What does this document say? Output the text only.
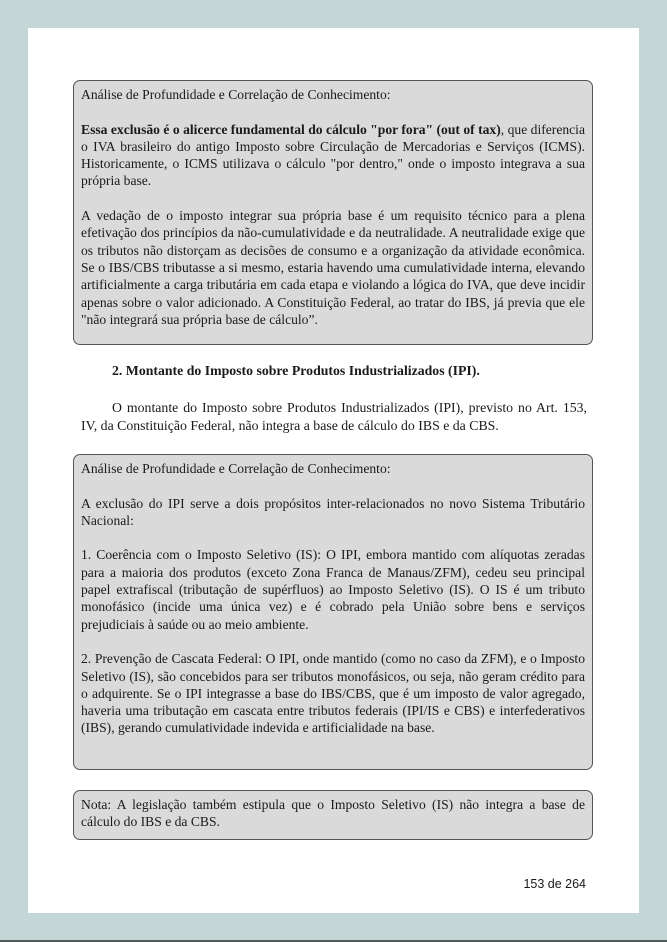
Análise de Profundidade e Correlação de Conhecimento:

Essa exclusão é o alicerce fundamental do cálculo "por fora" (out of tax), que diferencia o IVA brasileiro do antigo Imposto sobre Circulação de Mercadorias e Serviços (ICMS). Historicamente, o ICMS utilizava o cálculo "por dentro," onde o imposto integrava a sua própria base.

A vedação de o imposto integrar sua própria base é um requisito técnico para a plena efetivação dos princípios da não-cumulatividade e da neutralidade. A neutralidade exige que os tributos não distorçam as decisões de consumo e a organização da atividade econômica. Se o IBS/CBS tributasse a si mesmo, estaria havendo uma cumulatividade interna, elevando artificialmente a carga tributária em cada etapa e violando a lógica do IVA, que deve incidir apenas sobre o valor adicionado. A Constituição Federal, ao tratar do IBS, já previa que ele "não integrará sua própria base de cálculo”.

2. Montante do Imposto sobre Produtos Industrializados (IPI).

O montante do Imposto sobre Produtos Industrializados (IPI), previsto no Art. 153, IV, da Constituição Federal, não integra a base de cálculo do IBS e da CBS.

Análise de Profundidade e Correlação de Conhecimento:

A exclusão do IPI serve a dois propósitos inter-relacionados no novo Sistema Tributário Nacional:

1. Coerência com o Imposto Seletivo (IS): O IPI, embora mantido com alíquotas zeradas para a maioria dos produtos (exceto Zona Franca de Manaus/ZFM), cedeu seu principal papel extrafiscal (tributação de supérfluos) ao Imposto Seletivo (IS). O IS é um tributo monofásico (incide uma única vez) e é cobrado pela União sobre bens e serviços prejudiciais à saúde ou ao meio ambiente.

2. Prevenção de Cascata Federal: O IPI, onde mantido (como no caso da ZFM), e o Imposto Seletivo (IS), são concebidos para ser tributos monofásicos, ou seja, não geram crédito para o adquirente. Se o IPI integrasse a base do IBS/CBS, que é um imposto de valor agregado, haveria uma tributação em cascata entre tributos federais (IPI/IS e CBS) e interfederativos (IBS), gerando cumulatividade indevida e artificialidade na base.

Nota: A legislação também estipula que o Imposto Seletivo (IS) não integra a base de cálculo do IBS e da CBS.

153 de 264
